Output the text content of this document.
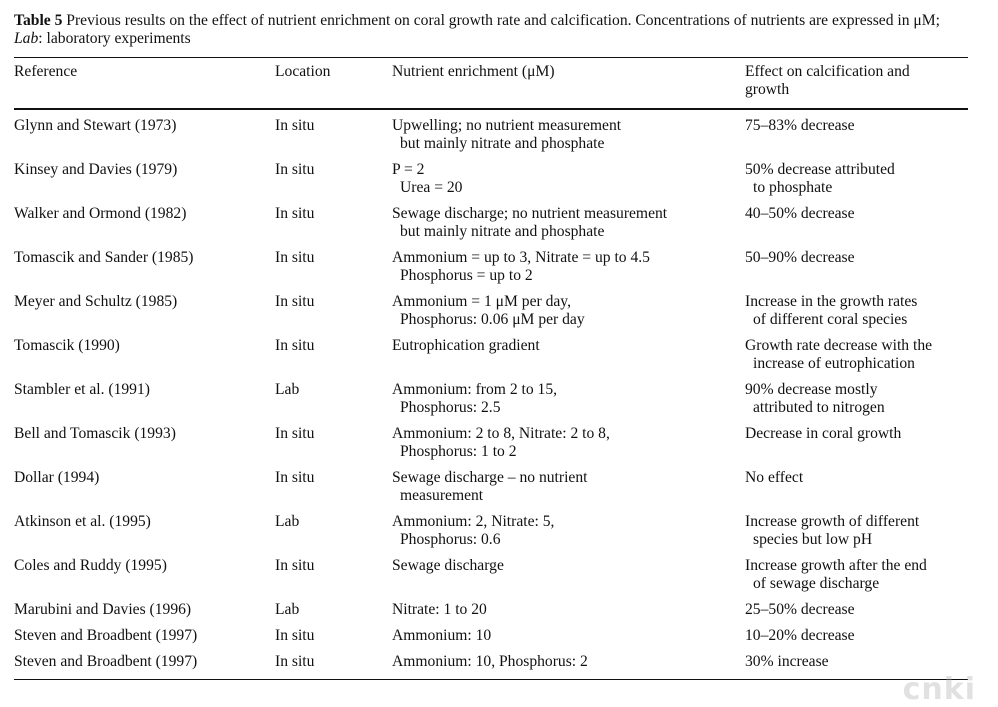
Table 5 Previous results on the effect of nutrient enrichment on coral growth rate and calcification. Concentrations of nutrients are expressed in μM; Lab: laboratory experiments
Reference	Location	Nutrient enrichment (μM)	Effect on calcification and
growth

Glynn and Stewart (1973)	In situ	Upwelling; no nutrient measurement
but mainly nitrate and phosphate	75–83% decrease
Kinsey and Davies (1979)	In situ	P = 2
Urea = 20	50% decrease attributed
to phosphate

Walker and Ormond (1982)	In situ	Sewage discharge; no nutrient measurement
but mainly nitrate and phosphate	40–50% decrease
Tomascik and Sander (1985)	In situ	Ammonium = up to 3, Nitrate = up to 4.5
Phosphorus = up to 2	50–90% decrease
Meyer and Schultz (1985)	In situ	Ammonium = 1 μM per day,
Phosphorus: 0.06 μM per day	Increase in the growth rates
of different coral species

Tomascik (1990)	In situ	Eutrophication gradient	Growth rate decrease with the
increase of eutrophication

Stambler et al. (1991)	Lab	Ammonium: from 2 to 15,
Phosphorus: 2.5	90% decrease mostly
attributed to nitrogen

Bell and Tomascik (1993)	In situ	Ammonium: 2 to 8, Nitrate: 2 to 8,
Phosphorus: 1 to 2	Decrease in coral growth
Dollar (1994)	In situ	Sewage discharge – no nutrient
measurement	No effect
Atkinson et al. (1995)	Lab	Ammonium: 2, Nitrate: 5,
Phosphorus: 0.6	Increase growth of different
species but low pH

Coles and Ruddy (1995)	In situ	Sewage discharge	Increase growth after the end
of sewage discharge

Marubini and Davies (1996)	Lab	Nitrate: 1 to 20	25–50% decrease
Steven and Broadbent (1997)	In situ	Ammonium: 10	10–20% decrease
Steven and Broadbent (1997)	In situ	Ammonium: 10, Phosphorus: 2	30% increase
cnki
